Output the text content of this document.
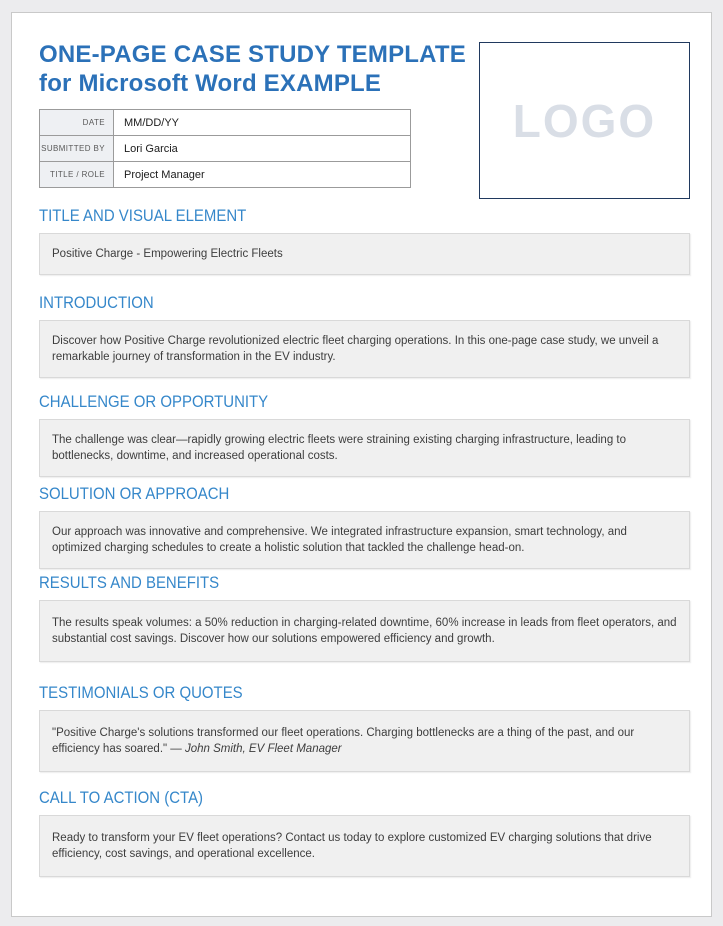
ONE-PAGE CASE STUDY TEMPLATE
for Microsoft Word EXAMPLE
LOGO
DATE	MM/DD/YY
SUBMITTED BY	Lori Garcia
TITLE / ROLE	Project Manager
TITLE AND VISUAL ELEMENT
Positive Charge - Empowering Electric Fleets
INTRODUCTION
Discover how Positive Charge revolutionized electric fleet charging operations. In this one-page case study, we unveil a remarkable journey of transformation in the EV industry.
CHALLENGE OR OPPORTUNITY
The challenge was clear—rapidly growing electric fleets were straining existing charging infrastructure, leading to bottlenecks, downtime, and increased operational costs.
SOLUTION OR APPROACH
Our approach was innovative and comprehensive. We integrated infrastructure expansion, smart technology, and optimized charging schedules to create a holistic solution that tackled the challenge head-on.
RESULTS AND BENEFITS
The results speak volumes: a 50% reduction in charging-related downtime, 60% increase in leads from fleet operators, and substantial cost savings. Discover how our solutions empowered efficiency and growth.
TESTIMONIALS OR QUOTES
"Positive Charge's solutions transformed our fleet operations. Charging bottlenecks are a thing of the past, and our efficiency has soared." — John Smith, EV Fleet Manager
CALL TO ACTION (CTA)
Ready to transform your EV fleet operations? Contact us today to explore customized EV charging solutions that drive efficiency, cost savings, and operational excellence.
